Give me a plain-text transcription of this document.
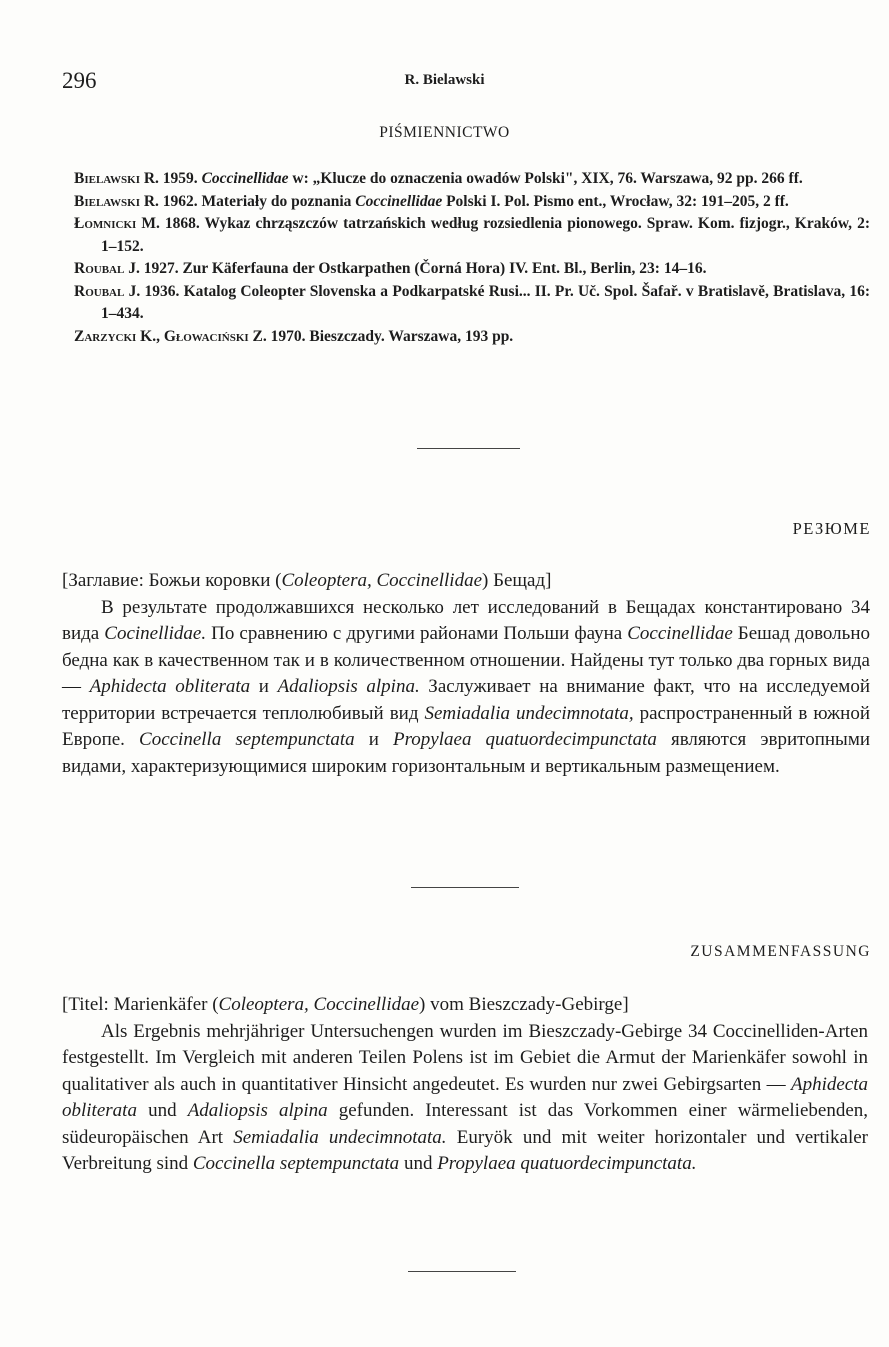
296	R. Bielawski
PIŚMIENNICTWO

Bielawski R. 1959. Coccinellidae w: „Klucze do oznaczenia owadów Polski", XIX, 76. Warszawa, 92 pp. 266 ff.

Bielawski R. 1962. Materiały do poznania Coccinellidae Polski I. Pol. Pismo ent., Wrocław, 32: 191–205, 2 ff.

Łomnicki M. 1868. Wykaz chrząszczów tatrzańskich według rozsiedlenia pionowego. Spraw. Kom. fizjogr., Kraków, 2: 1–152.

Roubal J. 1927. Zur Käferfauna der Ostkarpathen (Čorná Hora) IV. Ent. Bl., Berlin, 23: 14–16.

Roubal J. 1936. Katalog Coleopter Slovenska a Podkarpatské Rusi... II. Pr. Uč. Spol. Šafař. v Bratislavě, Bratislava, 16: 1–434.

Zarzycki K., Głowaciński Z. 1970. Bieszczady. Warszawa, 193 pp.

РЕЗЮМЕ

[Заглавие: Божьи коровки (Coleoptera, Coccinellidae) Бещад]

В результате продолжавшихся несколько лет исследований в Бещадах константировано 34 вида Cocinellidae. По сравнению с другими районами Польши фауна Coccinellidae Бешад довольно бедна как в качественном так и в количественном отношении. Найдены тут только два горных вида — Aphidecta obliterata и Adaliopsis alpina. Заслуживает на внимание факт, что на исследуемой территории встречается теплолюбивый вид Semiadalia undecimnotata, распространенный в южной Европе. Coccinella septempunctata и Propylaea quatuordecimpunctata являются эвритопными видами, характеризующимися широким горизонтальным и вертикальным размещением.

ZUSAMMENFASSUNG

[Titel: Marienkäfer (Coleoptera, Coccinellidae) vom Bieszczady-Gebirge]

Als Ergebnis mehrjähriger Untersuchengen wurden im Bieszczady-Gebirge 34 Coccinelliden-Arten festgestellt. Im Vergleich mit anderen Teilen Polens ist im Gebiet die Armut der Marienkäfer sowohl in qualitativer als auch in quantitativer Hinsicht angedeutet. Es wurden nur zwei Gebirgsarten — Aphidecta obliterata und Adaliopsis alpina gefunden. Interessant ist das Vorkommen einer wärmeliebenden, südeuropäischen Art Semiadalia undecimnotata. Euryök und mit weiter horizontaler und vertikaler Verbreitung sind Coccinella septempunctata und Propylaea quatuordecimpunctata.
